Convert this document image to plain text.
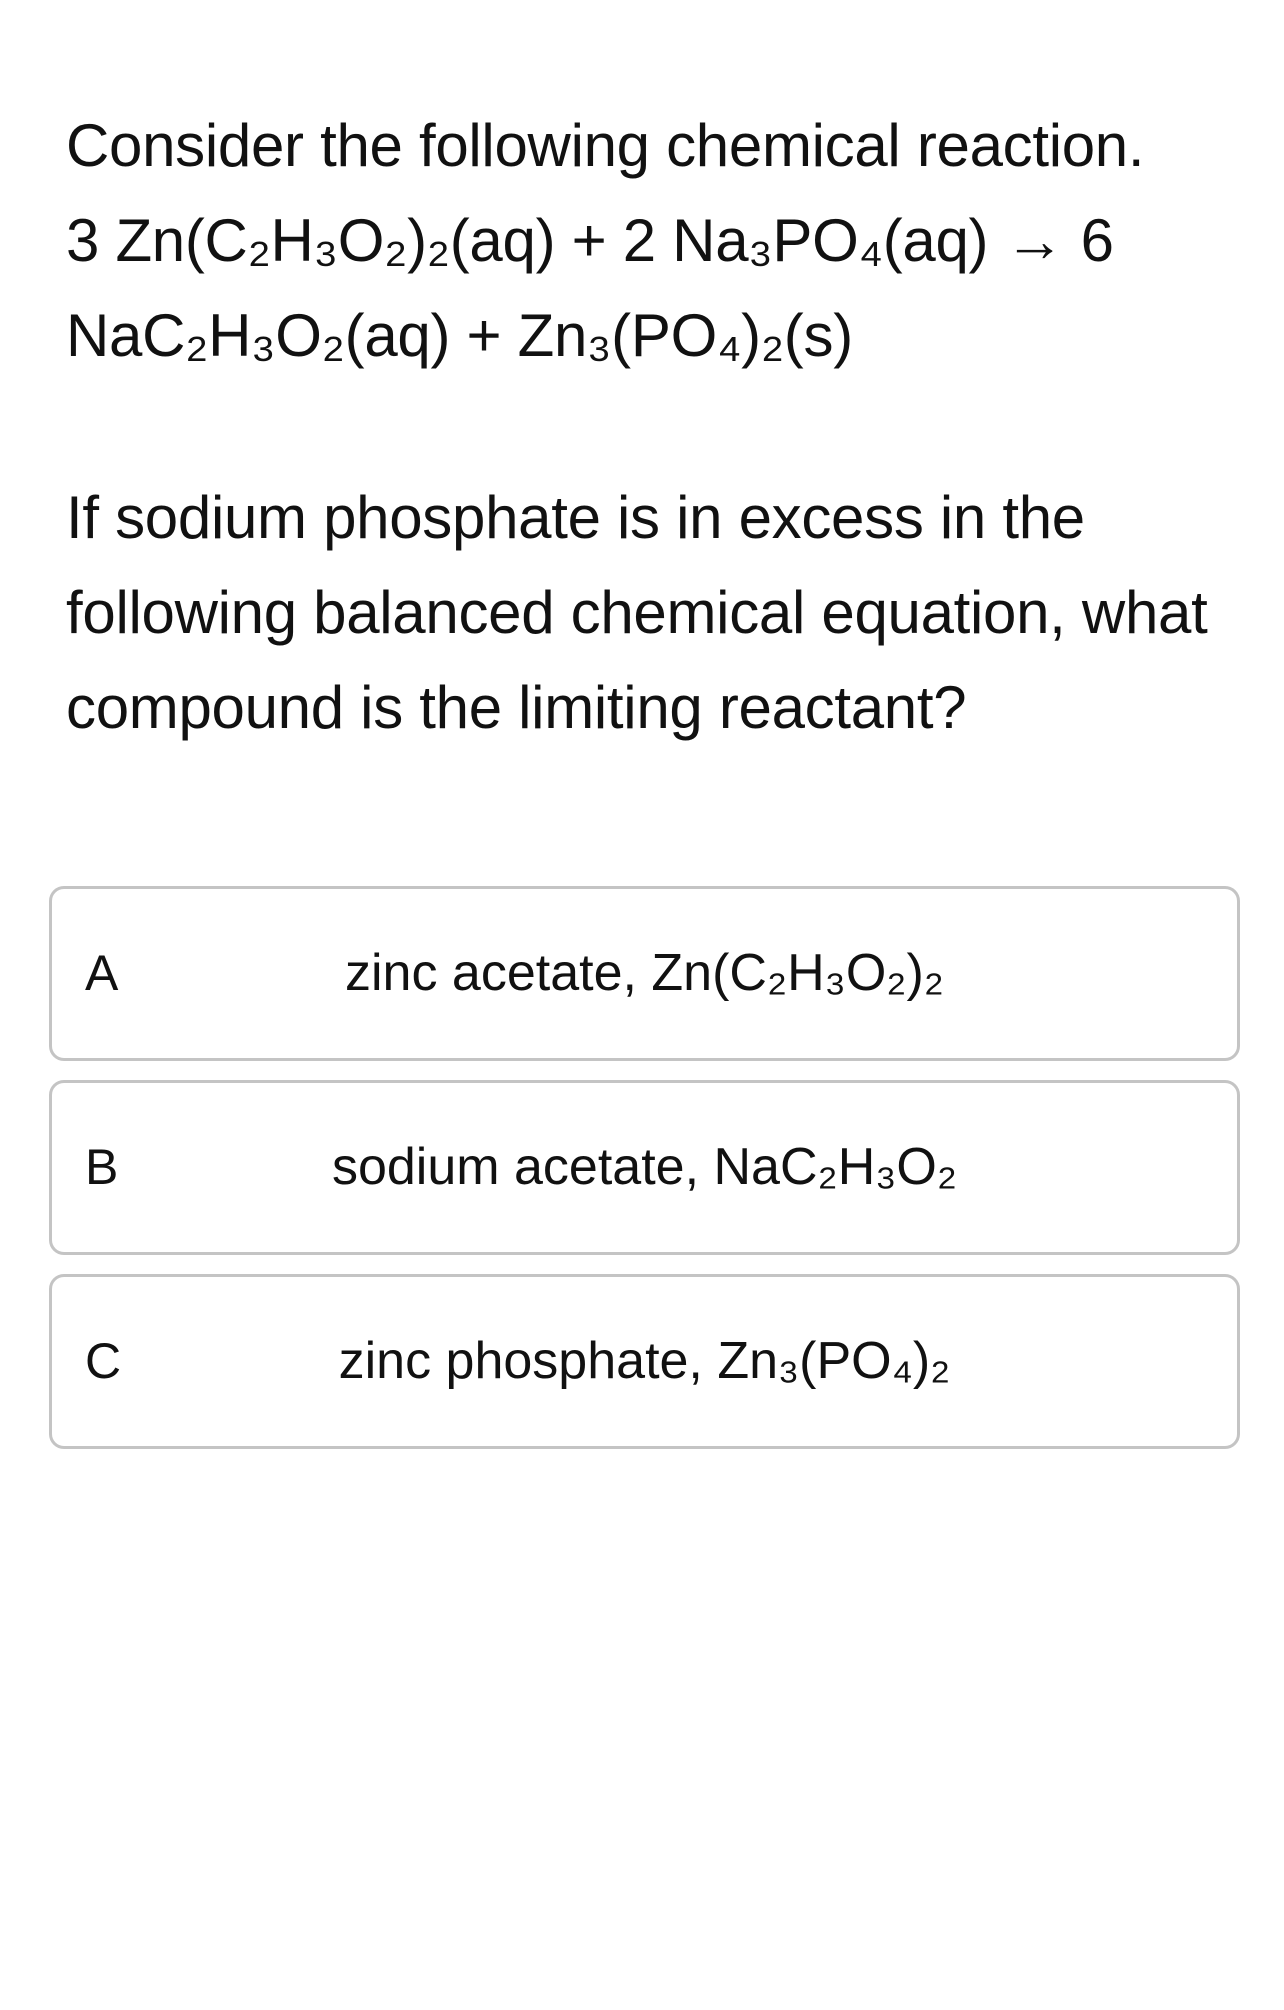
Consider the following chemical reaction.
3 Zn(C₂H₃O₂)₂(aq) + 2 Na₃PO₄(aq) → 6
NaC₂H₃O₂(aq) + Zn₃(PO₄)₂(s)
If sodium phosphate is in excess in the
following balanced chemical equation, what
compound is the limiting reactant?
zinc acetate, Zn(C₂H₃O₂)₂
A
sodium acetate, NaC₂H₃O₂
B
zinc phosphate, Zn₃(PO₄)₂
C
